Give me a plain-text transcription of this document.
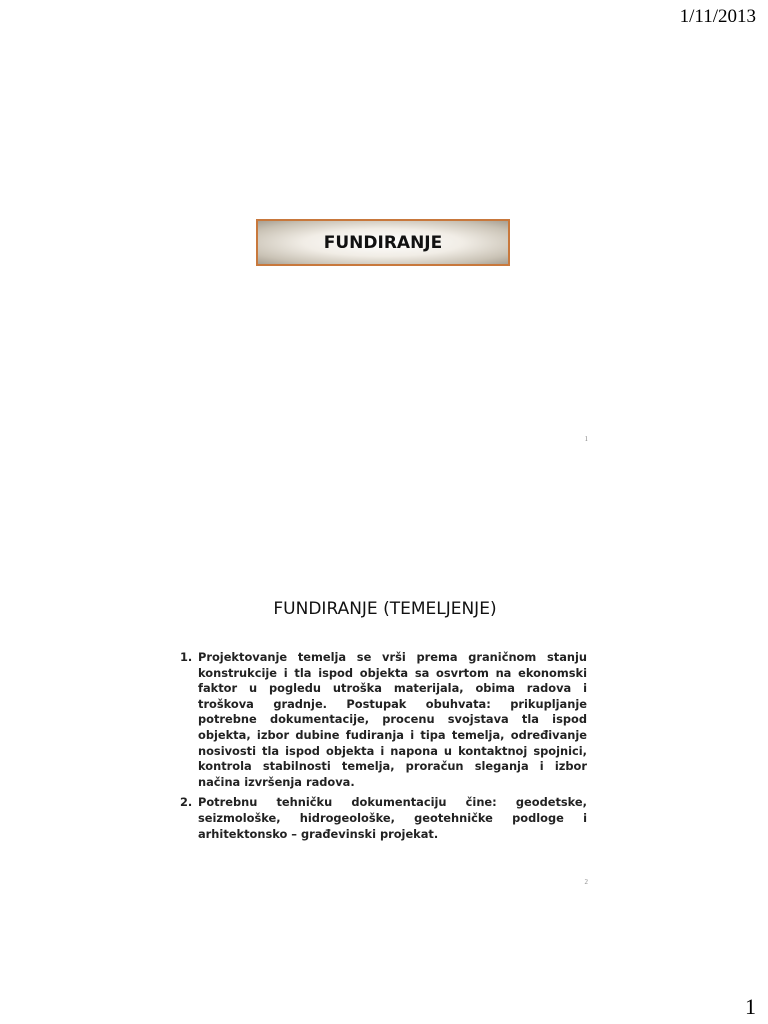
1/11/2013
FUNDIRANJE
1
FUNDIRANJE (TEMELJENJE)
1. Projektovanje temelja se vrši prema graničnom stanju konstrukcije i tla ispod objekta sa osvrtom na ekonomski faktor u pogledu utroška materijala, obima radova i troškova gradnje. Postupak obuhvata: prikupljanje potrebne dokumentacije, procenu svojstava tla ispod objekta, izbor dubine fudiranja i tipa temelja, određivanje nosivosti tla ispod objekta i napona u kontaktnoj spojnici, kontrola stabilnosti temelja, proračun sleganja i izbor načina izvršenja radova.
2. Potrebnu tehničku dokumentaciju čine: geodetske, seizmološke, hidrogeološke, geotehničke podloge i arhitektonsko – građevinski projekat.
2
1
